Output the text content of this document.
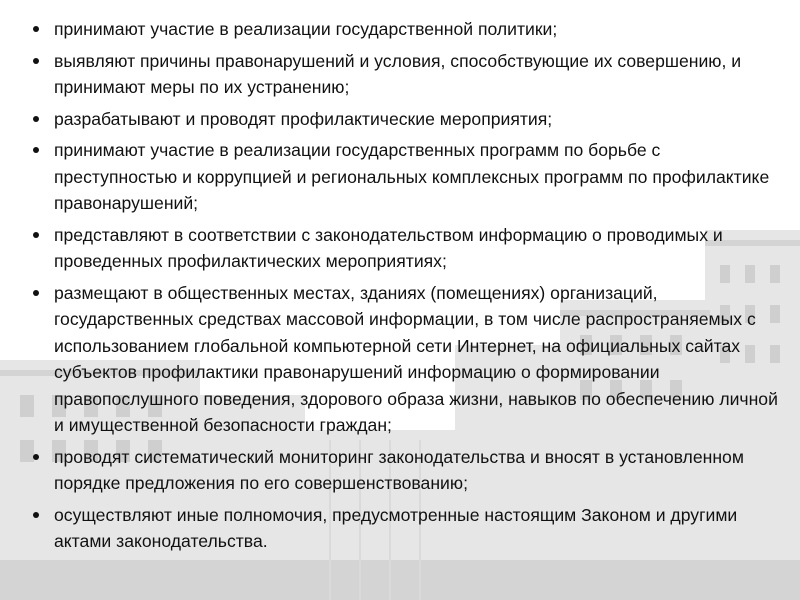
принимают участие в реализации государственной политики;
выявляют причины правонарушений и условия, способствующие их совершению, и принимают меры по их устранению;
разрабатывают и проводят профилактические мероприятия;
принимают участие в реализации государственных программ по борьбе с преступностью и коррупцией и региональных комплексных программ по профилактике правонарушений;
представляют в соответствии с законодательством информацию о проводимых и проведенных профилактических мероприятиях;
размещают в общественных местах, зданиях (помещениях) организаций, государственных средствах массовой информации, в том числе распространяемых с использованием глобальной компьютерной сети Интернет, на официальных сайтах субъектов профилактики правонарушений информацию о формировании правопослушного поведения, здорового образа жизни, навыков по обеспечению личной и имущественной безопасности граждан;
проводят систематический мониторинг законодательства и вносят в установленном порядке предложения по его совершенствованию;
осуществляют иные полномочия, предусмотренные настоящим Законом и другими актами законодательства.
